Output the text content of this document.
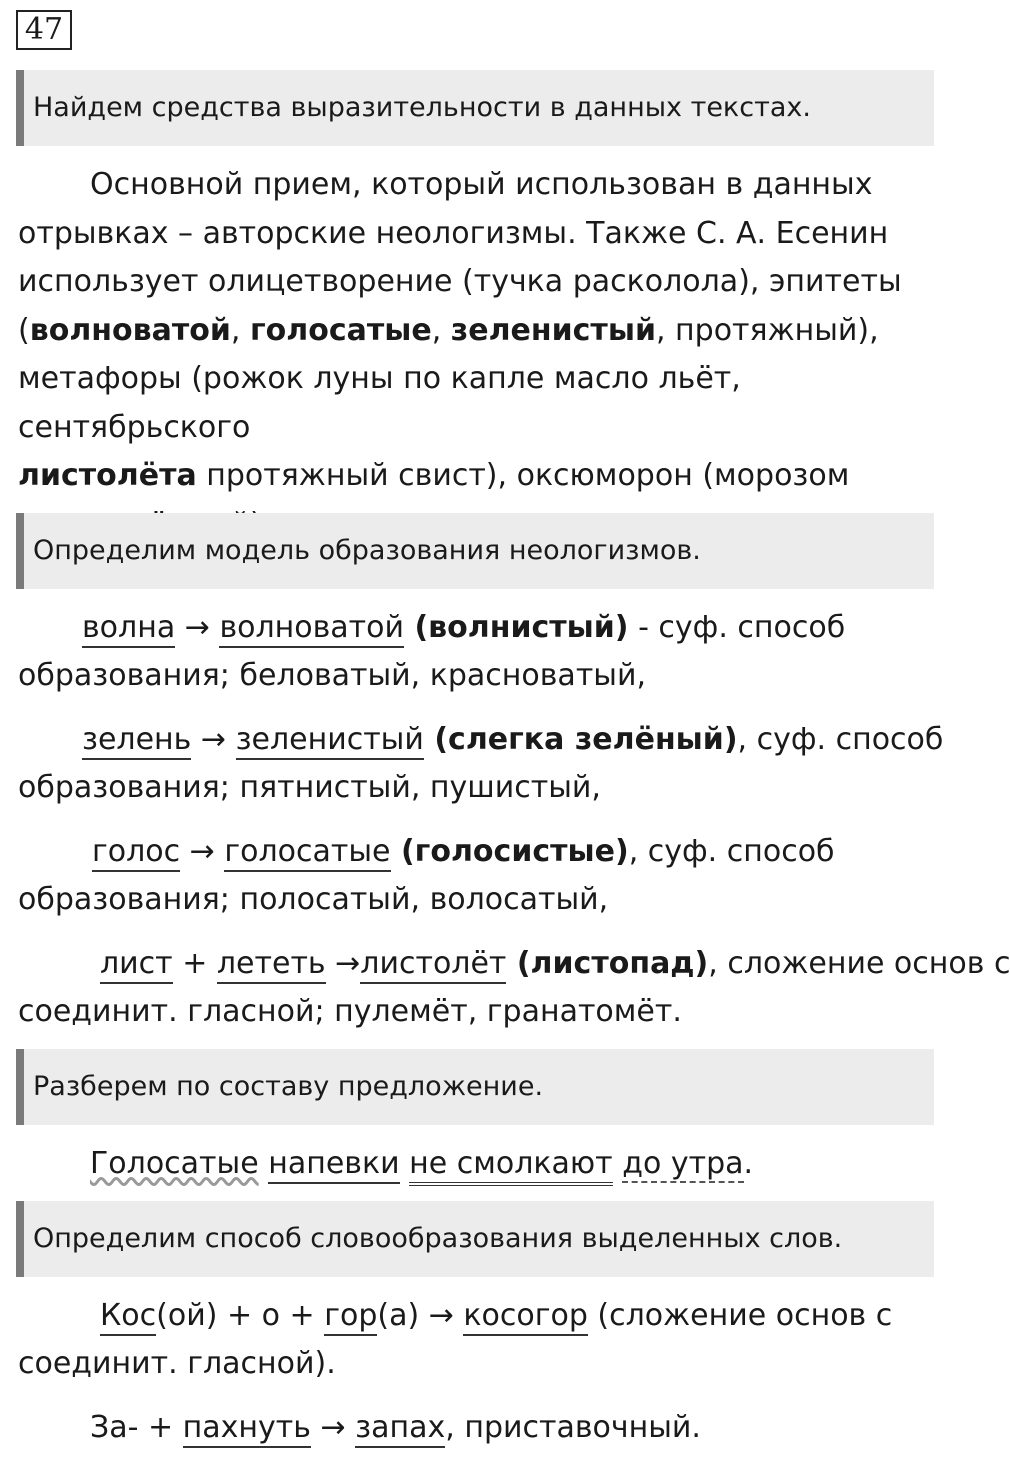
47
Найдем средства выразительности в данных текстах.
Основной прием, который использован в данных
отрывках – авторские неологизмы. Также С. А. Есенин
использует олицетворение (тучка расколола), эпитеты
(волноватой, голосатые, зеленистый, протяжный),
метафоры (рожок луны по капле масло льёт, сентябрьского
листолёта протяжный свист), оксюморон (морозом
Определим модель образования неологизмов.
волна → волноватой (волнистый) - суф. способ
образования; беловатый, красноватый,
зелень → зеленистый (слегка зелёный), суф. способ
образования; пятнистый, пушистый,
голос → голосатые (голосистые), суф. способ
образования; полосатый, волосатый,
лист + лететь →листолёт (листопад), сложение основ с
соединит. гласной; пулемёт, гранатомёт.
Разберем по составу предложение.
Голосатые напевки не смолкают до утра.
Определим способ словообразования выделенных слов.
Кос(ой) + о + гор(а) → косогор (сложение основ с
соединит. гласной).
За- + пахнуть → запах, приставочный.
